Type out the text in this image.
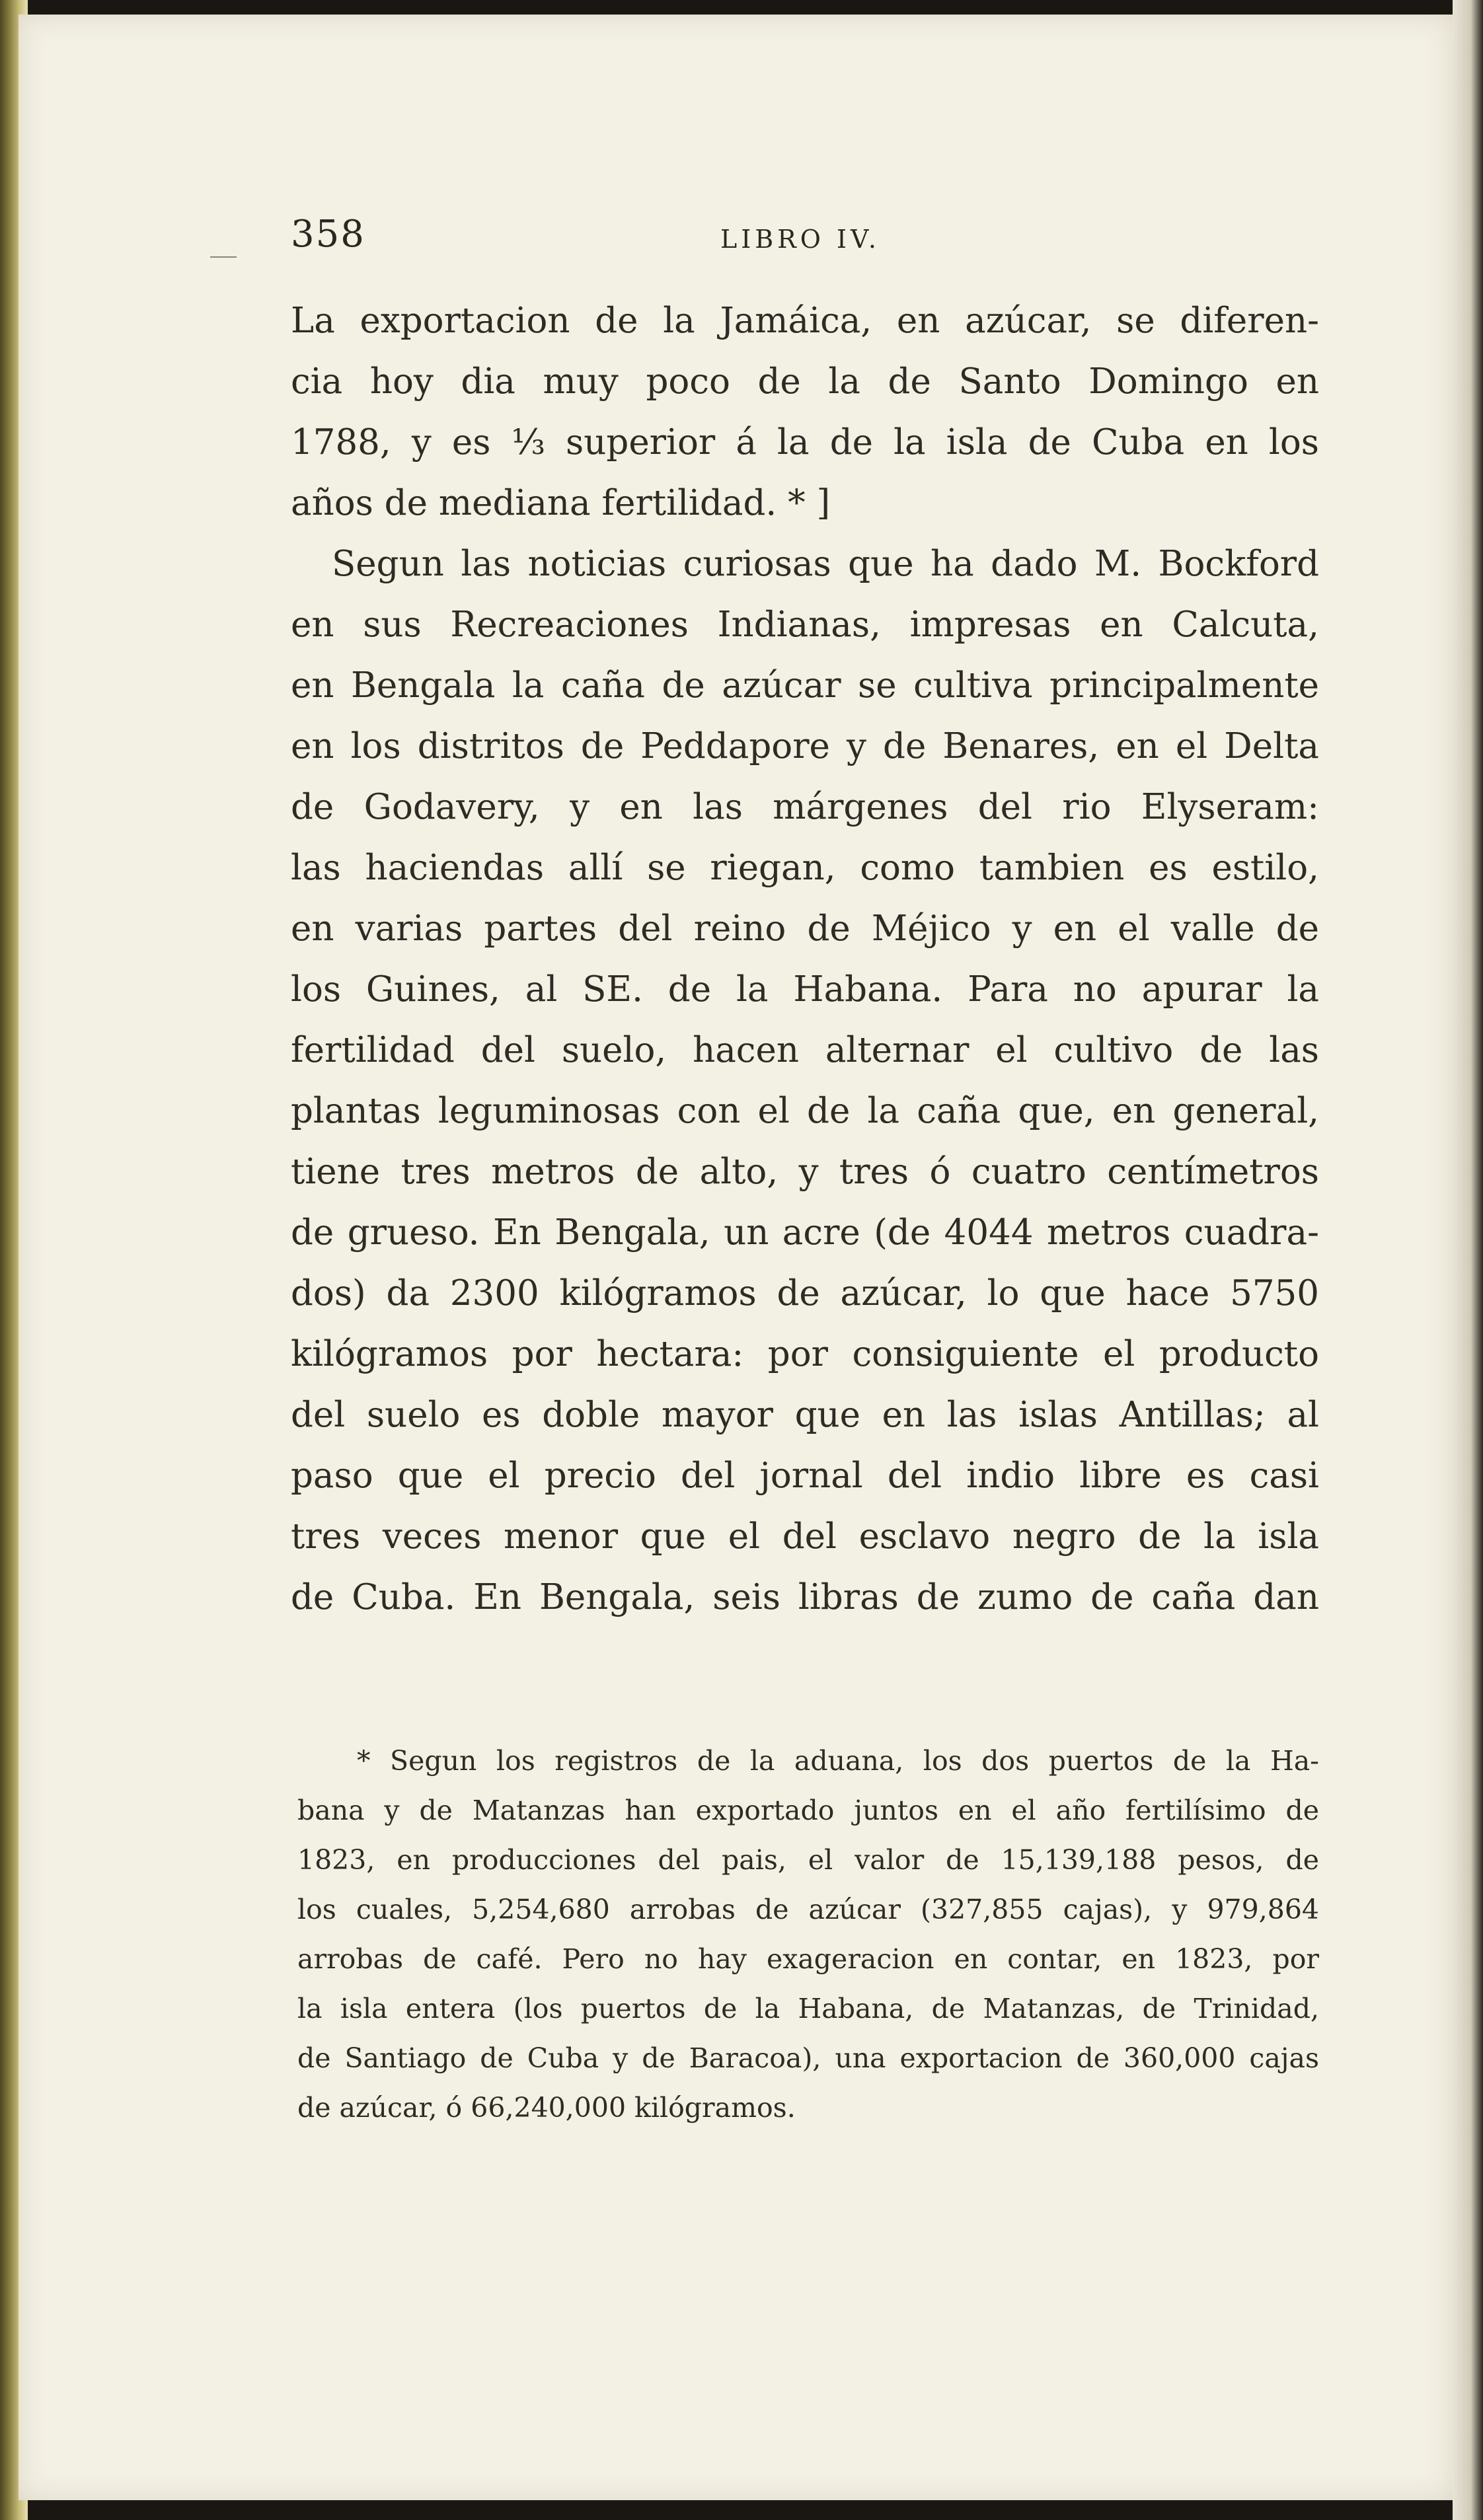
358	LIBRO IV.
La exportacion de la Jamáica, en azúcar, se diferen-
cia hoy dia muy poco de la de Santo Domingo en
1788, y es ⅓ superior á la de la isla de Cuba en los
años de mediana fertilidad. * ]
Segun las noticias curiosas que ha dado M. Bockford
en sus Recreaciones Indianas, impresas en Calcuta,
en Bengala la caña de azúcar se cultiva principalmente
en los distritos de Peddapore y de Benares, en el Delta
de Godavery, y en las márgenes del rio Elyseram:
las haciendas allí se riegan, como tambien es estilo,
en varias partes del reino de Méjico y en el valle de
los Guines, al SE. de la Habana. Para no apurar la
fertilidad del suelo, hacen alternar el cultivo de las
plantas leguminosas con el de la caña que, en general,
tiene tres metros de alto, y tres ó cuatro centímetros
de grueso. En Bengala, un acre (de 4044 metros cuadra-
dos) da 2300 kilógramos de azúcar, lo que hace 5750
kilógramos por hectara: por consiguiente el producto
del suelo es doble mayor que en las islas Antillas; al
paso que el precio del jornal del indio libre es casi
tres veces menor que el del esclavo negro de la isla
de Cuba. En Bengala, seis libras de zumo de caña dan
* Segun los registros de la aduana, los dos puertos de la Ha-
bana y de Matanzas han exportado juntos en el año fertilísimo de
1823, en producciones del pais, el valor de 15,139,188 pesos, de
los cuales, 5,254,680 arrobas de azúcar (327,855 cajas), y 979,864
arrobas de café. Pero no hay exageracion en contar, en 1823, por
la isla entera (los puertos de la Habana, de Matanzas, de Trinidad,
de Santiago de Cuba y de Baracoa), una exportacion de 360,000 cajas
de azúcar, ó 66,240,000 kilógramos.
